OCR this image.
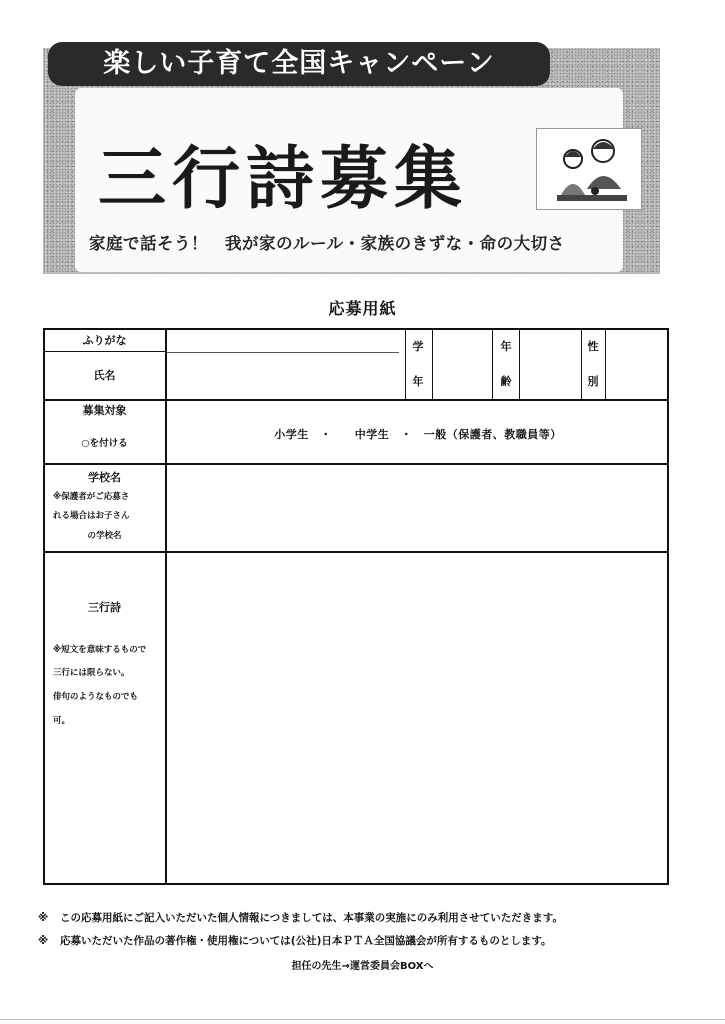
楽しい子育て全国キャンペーン
三行詩募集
家庭で話そう！　我が家のルール・家族のきずな・命の大切さ
応募用紙
ふりがな
氏名
学
年
年
齢
性
別
募集対象
○を付ける
小学生　・　　中学生　・　一般（保護者、教職員等）
学校名
※保護者がご応募さ
れる場合はお子さん
の学校名
三行詩
※短文を意味するもので
三行には限らない。
俳句のようなものでも
可。
※ この応募用紙にご記入いただいた個人情報につきましては、本事業の実施にのみ利用させていただきます。
※ 応募いただいた作品の著作権・使用権については(公社)日本ＰＴＡ全国協議会が所有するものとします。
担任の先生→運営委員会BOXへ
